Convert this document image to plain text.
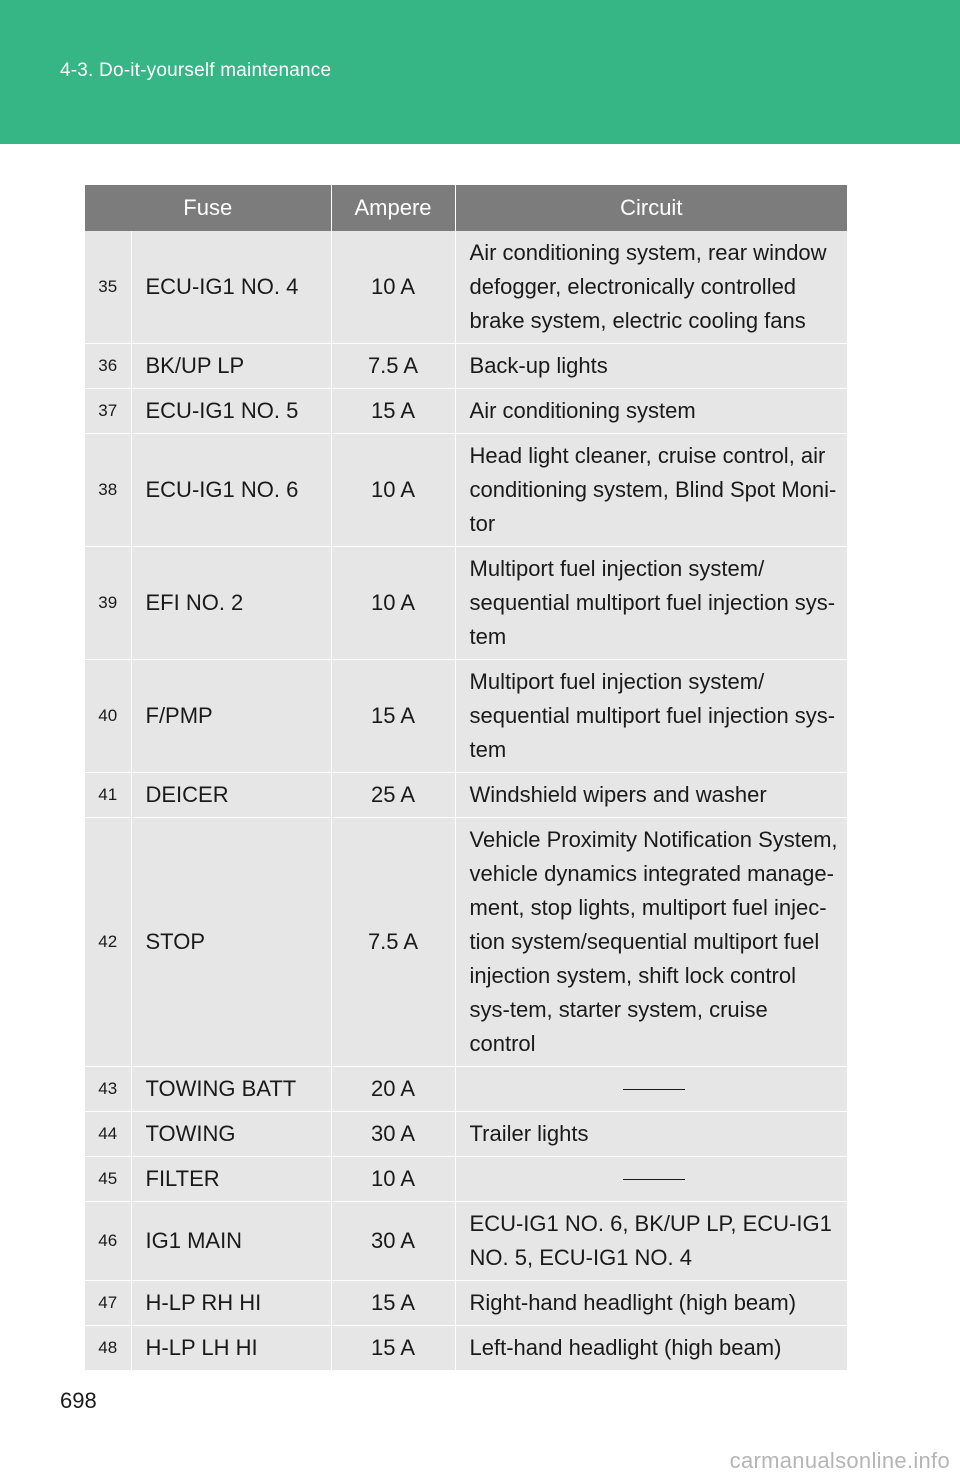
4-3. Do-it-yourself maintenance
Fuse		Ampere	Circuit
35	ECU-IG1 NO. 4	10 A	Air conditioning system, rear window defogger, electronically controlled brake system, electric cooling fans
36	BK/UP LP	7.5 A	Back-up lights
37	ECU-IG1 NO. 5	15 A	Air conditioning system
38	ECU-IG1 NO. 6	10 A	Head light cleaner, cruise control, air conditioning system, Blind Spot Moni-tor
39	EFI NO. 2	10 A	Multiport fuel injection system/ sequential multiport fuel injection sys-tem
40	F/PMP	15 A	Multiport fuel injection system/ sequential multiport fuel injection sys-tem
41	DEICER	25 A	Windshield wipers and washer
42	STOP	7.5 A	Vehicle Proximity Notification System, vehicle dynamics integrated manage-ment, stop lights, multiport fuel injec-tion system/sequential multiport fuel injection system, shift lock control sys-tem, starter system, cruise control
43	TOWING BATT	20 A	

44	TOWING	30 A	Trailer lights
45	FILTER	10 A	

46	IG1 MAIN	30 A	ECU-IG1 NO. 6, BK/UP LP, ECU-IG1 NO. 5, ECU-IG1 NO. 4
47	H-LP RH HI	15 A	Right-hand headlight (high beam)
48	H-LP LH HI	15 A	Left-hand headlight (high beam)
698
carmanualsonline.info
